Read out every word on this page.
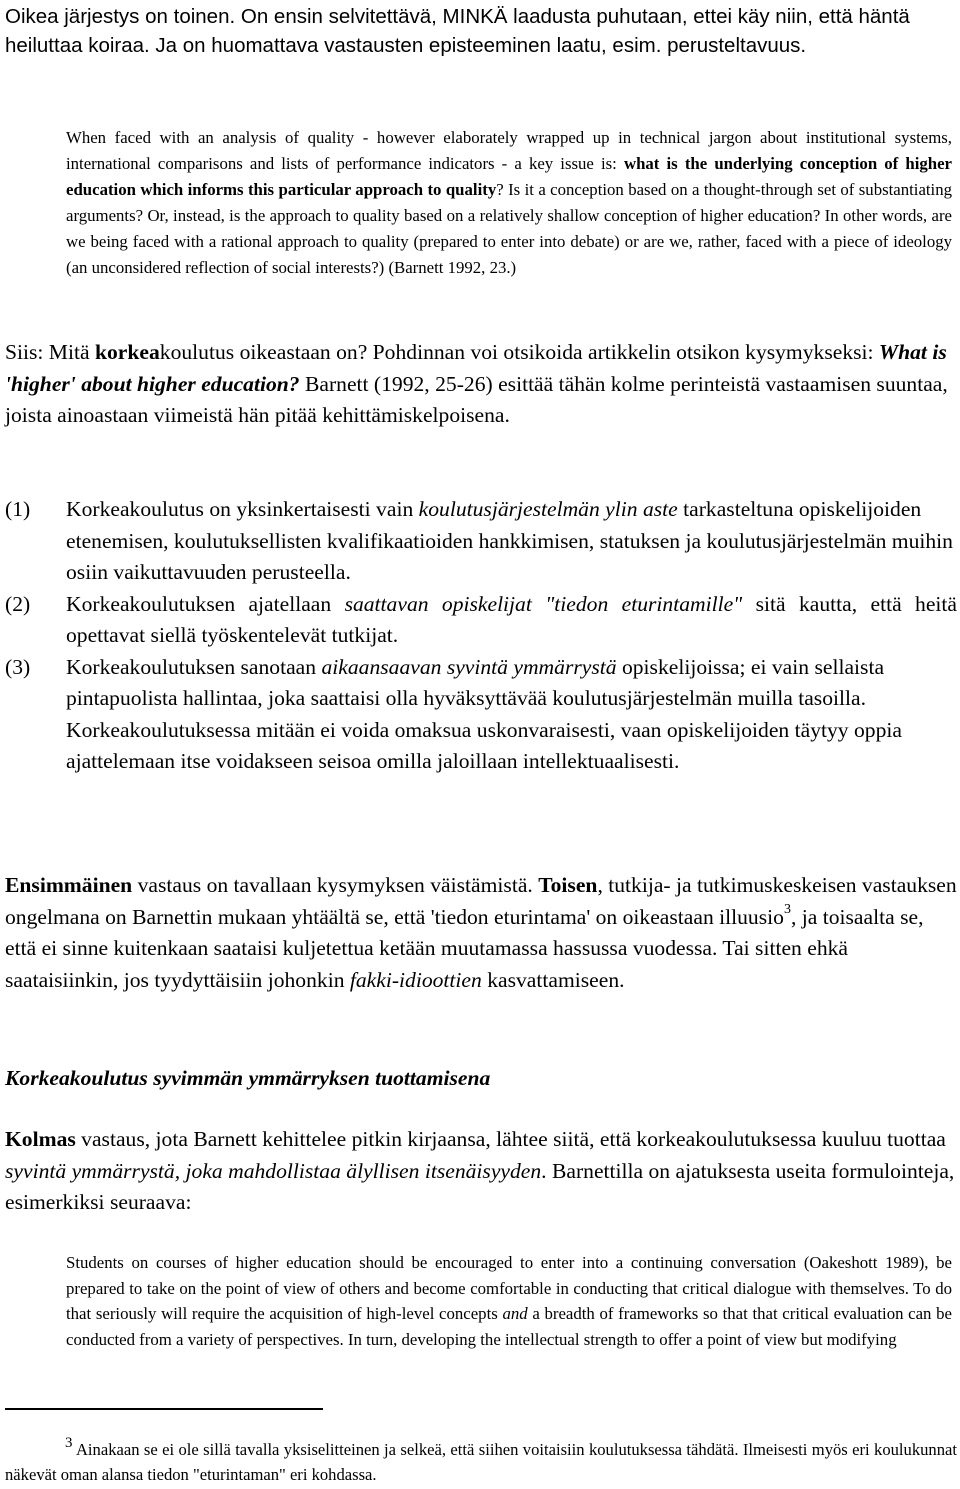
Oikea järjestys on toinen. On ensin selvitettävä, MINKÄ laadusta puhutaan, ettei käy niin, että häntä heiluttaa koiraa. Ja on huomattava vastausten episteeminen laatu, esim. perusteltavuus.

When faced with an analysis of quality - however elaborately wrapped up in technical jargon about institutional systems, international comparisons and lists of performance indicators - a key issue is: what is the underlying conception of higher education which informs this particular approach to quality? Is it a conception based on a thought-through set of substantiating arguments? Or, instead, is the approach to quality based on a relatively shallow conception of higher education? In other words, are we being faced with a rational approach to quality (prepared to enter into debate) or are we, rather, faced with a piece of ideology (an unconsidered reflection of social interests?) (Barnett 1992, 23.)

Siis: Mitä korkeakoulutus oikeastaan on? Pohdinnan voi otsikoida artikkelin otsikon kysymykseksi: What is 'higher' about higher education? Barnett (1992, 25-26) esittää tähän kolme perinteistä vastaamisen suuntaa, joista ainoastaan viimeistä hän pitää kehittämiskelpoisena.

(1) Korkeakoulutus on yksinkertaisesti vain koulutusjärjestelmän ylin aste tarkasteltuna opiskelijoiden etenemisen, koulutuksellisten kvalifikaatioiden hankkimisen, statuksen ja koulutusjärjestelmän muihin osiin vaikuttavuuden perusteella.
(2) Korkeakoulutuksen ajatellaan saattavan opiskelijat "tiedon eturintamille" sitä kautta, että heitä opettavat siellä työskentelevät tutkijat.
(3) Korkeakoulutuksen sanotaan aikaansaavan syvintä ymmärrystä opiskelijoissa; ei vain sellaista pintapuolista hallintaa, joka saattaisi olla hyväksyttävää koulutusjärjestelmän muilla tasoilla. Korkeakoulutuksessa mitään ei voida omaksua uskonvaraisesti, vaan opiskelijoiden täytyy oppia ajattelemaan itse voidakseen seisoa omilla jaloillaan intellektuaalisesti.

Ensimmäinen vastaus on tavallaan kysymyksen väistämistä. Toisen, tutkija- ja tutkimuskeskeisen vastauksen ongelmana on Barnettin mukaan yhtäältä se, että 'tiedon eturintama' on oikeastaan illuusio$^3$, ja toisaalta se, että ei sinne kuitenkaan saataisi kuljetettua ketään muutamassa hassussa vuodessa. Tai sitten ehkä saataisiinkin, jos tyydyttäisiin johonkin fakki-idioottien kasvattamiseen.

Korkeakoulutus syvimmän ymmärryksen tuottamisena

Kolmas vastaus, jota Barnett kehittelee pitkin kirjaansa, lähtee siitä, että korkeakoulutuksessa kuuluu tuottaa syvintä ymmärrystä, joka mahdollistaa älyllisen itsenäisyyden. Barnettilla on ajatuksesta useita formulointeja, esimerkiksi seuraava:

Students on courses of higher education should be encouraged to enter into a continuing conversation (Oakeshott 1989), be prepared to take on the point of view of others and become comfortable in conducting that critical dialogue with themselves. To do that seriously will require the acquisition of high-level concepts and a breadth of frameworks so that that critical evaluation can be conducted from a variety of perspectives. In turn, developing the intellectual strength to offer a point of view but modifying

$^3$ Ainakaan se ei ole sillä tavalla yksiselitteinen ja selkeä, että siihen voitaisiin koulutuksessa tähdätä. Ilmeisesti myös eri koulukunnat näkevät oman alansa tiedon "eturintaman" eri kohdassa.
